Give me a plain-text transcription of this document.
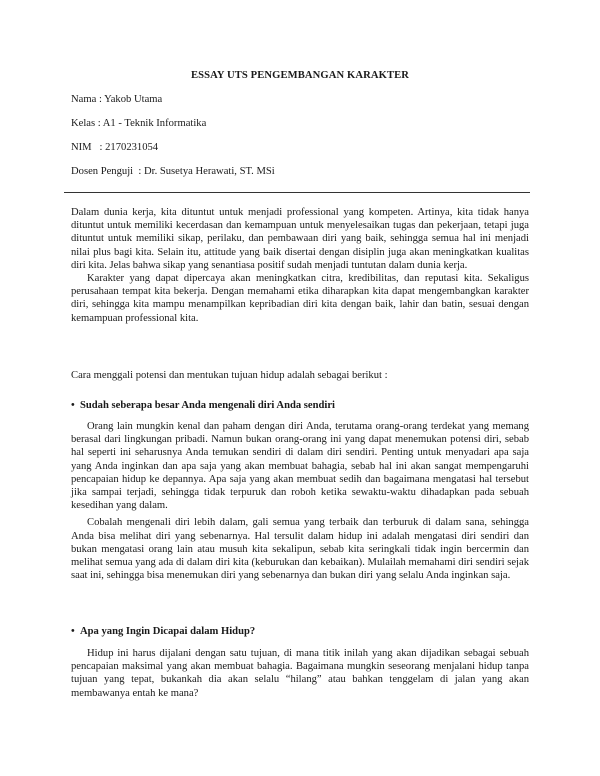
ESSAY UTS PENGEMBANGAN KARAKTER
Nama : Yakob Utama
Kelas : A1 - Teknik Informatika
NIM   : 2170231054
Dosen Penguji  : Dr. Susetya Herawati, ST. MSi

Dalam dunia kerja, kita dituntut untuk menjadi professional yang kompeten. Artinya, kita tidak hanya dituntut untuk memiliki kecerdasan dan kemampuan untuk menyelesaikan tugas dan pekerjaan, tetapi juga dituntut untuk memiliki sikap, perilaku, dan pembawaan diri yang baik, sehingga semua hal ini menjadi nilai plus bagi kita. Selain itu, attitude yang baik disertai dengan disiplin juga akan meningkatkan kualitas diri kita. Jelas bahwa sikap yang senantiasa positif sudah menjadi tuntutan dalam dunia kerja.

Karakter yang dapat dipercaya akan meningkatkan citra, kredibilitas, dan reputasi kita. Sekaligus perusahaan tempat kita bekerja. Dengan memahami etika diharapkan kita dapat mengembangkan karakter diri, sehingga kita mampu menampilkan kepribadian diri kita dengan baik, lahir dan batin, sesuai dengan kemampuan professional kita.

Cara menggali potensi dan mentukan tujuan hidup adalah sebagai berikut :

• Sudah seberapa besar Anda mengenali diri Anda sendiri

Orang lain mungkin kenal dan paham dengan diri Anda, terutama orang-orang terdekat yang memang berasal dari lingkungan pribadi. Namun bukan orang-orang ini yang dapat menemukan potensi diri, sebab hal seperti ini seharusnya Anda temukan sendiri di dalam diri sendiri. Penting untuk menyadari apa saja yang Anda inginkan dan apa saja yang akan membuat bahagia, sebab hal ini akan sangat mempengaruhi pencapaian hidup ke depannya. Apa saja yang akan membuat sedih dan bagaimana mengatasi hal tersebut jika sampai terjadi, sehingga tidak terpuruk dan roboh ketika sewaktu-waktu dihadapkan pada sebuah kesedihan yang dalam.

Cobalah mengenali diri lebih dalam, gali semua yang terbaik dan terburuk di dalam sana, sehingga Anda bisa melihat diri yang sebenarnya. Hal tersulit dalam hidup ini adalah mengatasi diri sendiri dan bukan mengatasi orang lain atau musuh kita sekalipun, sebab kita seringkali tidak ingin bercermin dan melihat semua yang ada di dalam diri kita (keburukan dan kebaikan). Mulailah memahami diri sendiri sejak saat ini, sehingga bisa menemukan diri yang sebenarnya dan bukan diri yang selalu Anda inginkan saja.

• Apa yang Ingin Dicapai dalam Hidup?

Hidup ini harus dijalani dengan satu tujuan, di mana titik inilah yang akan dijadikan sebagai sebuah pencapaian maksimal yang akan membuat bahagia. Bagaimana mungkin seseorang menjalani hidup tanpa tujuan yang tepat, bukankah dia akan selalu “hilang” atau bahkan tenggelam di jalan yang akan membawanya entah ke mana?
